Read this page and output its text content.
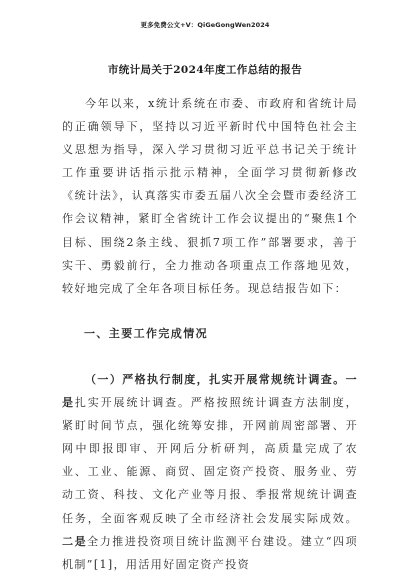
更多免费公文+V：QiGeGongWen2024
市统计局关于2024年度工作总结的报告

今年以来，x统计系统在市委、市政府和省统计局的正确领导下，坚持以习近平新时代中国特色社会主义思想为指导，深入学习贯彻习近平总书记关于统计工作重要讲话指示批示精神，全面学习贯彻新修改《统计法》，认真落实市委五届八次全会暨市委经济工作会议精神，紧盯全省统计工作会议提出的“聚焦1个目标、围绕2条主线、狠抓7项工作”部署要求，善于实干、勇毅前行，全力推动各项重点工作落地见效，较好地完成了全年各项目标任务。现总结报告如下：

一、主要工作完成情况

（一）严格执行制度，扎实开展常规统计调查。一是扎实开展统计调查。严格按照统计调查方法制度，紧盯时间节点，强化统筹安排，开网前周密部署、开网中即报即审、开网后分析研判，高质量完成了农业、工业、能源、商贸、固定资产投资、服务业、劳动工资、科技、文化产业等月报、季报常规统计调查任务，全面客观反映了全市经济社会发展实际成效。二是全力推进投资项目统计监测平台建设。建立“四项机制”[1]，用活用好固定资产投资
